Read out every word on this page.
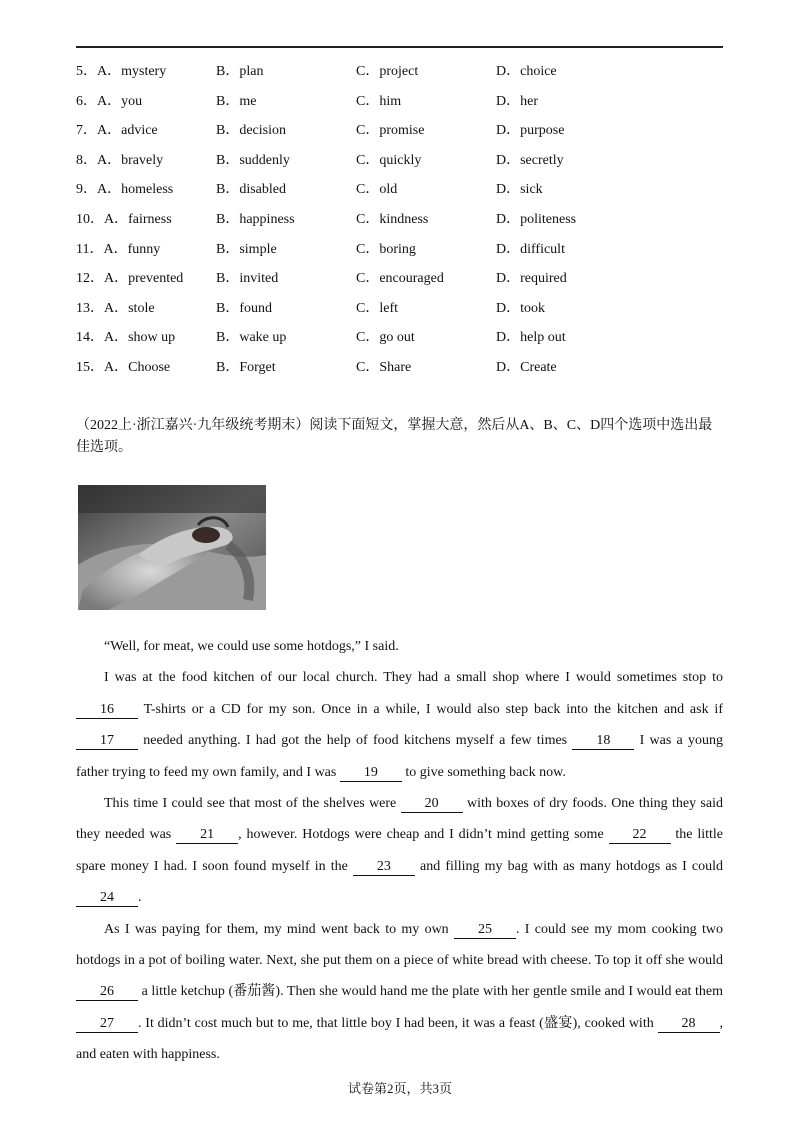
5．A．mystery	B．plan	C．project	D．choice
6．A．you	B．me	C．him	D．her
7．A．advice	B．decision	C．promise	D．purpose
8．A．bravely	B．suddenly	C．quickly	D．secretly
9．A．homeless	B．disabled	C．old	D．sick
10．A．fairness	B．happiness	C．kindness	D．politeness
11．A．funny	B．simple	C．boring	D．difficult
12．A．prevented B．invited	C．encouraged	D．required
13．A．stole	B．found	C．left	D．took
14．A．show up	B．wake up	C．go out	D．help out
15．A．Choose	B．Forget	C．Share	D．Create
（2022上·浙江嘉兴·九年级统考期末）阅读下面短文，掌握大意，然后从A、B、C、D四个选项中选出最佳选项。

“Well, for meat, we could use some hotdogs,” I said.

I was at the food kitchen of our local church. They had a small shop where I would sometimes stop to 16 T-shirts or a CD for my son. Once in a while, I would also step back into the kitchen and ask if 17 needed anything. I had got the help of food kitchens myself a few times 18 I was a young father trying to feed my own family, and I was 19 to give something back now.

This time I could see that most of the shelves were 20 with boxes of dry foods. One thing they said they needed was 21 , however. Hotdogs were cheap and I didn’t mind getting some 22 the little spare money I had. I soon found myself in the 23 and filling my bag with as many hotdogs as I could 24 .

As I was paying for them, my mind went back to my own 25 . I could see my mom cooking two hotdogs in a pot of boiling water. Next, she put them on a piece of white bread with cheese. To top it off she would 26 a little ketchup (番茄酱). Then she would hand me the plate with her gentle smile and I would eat them 27 . It didn’t cost much but to me, that little boy I had been, it was a feast (盛宴), cooked with 28 , and eaten with happiness.

试卷第2页，共3页
